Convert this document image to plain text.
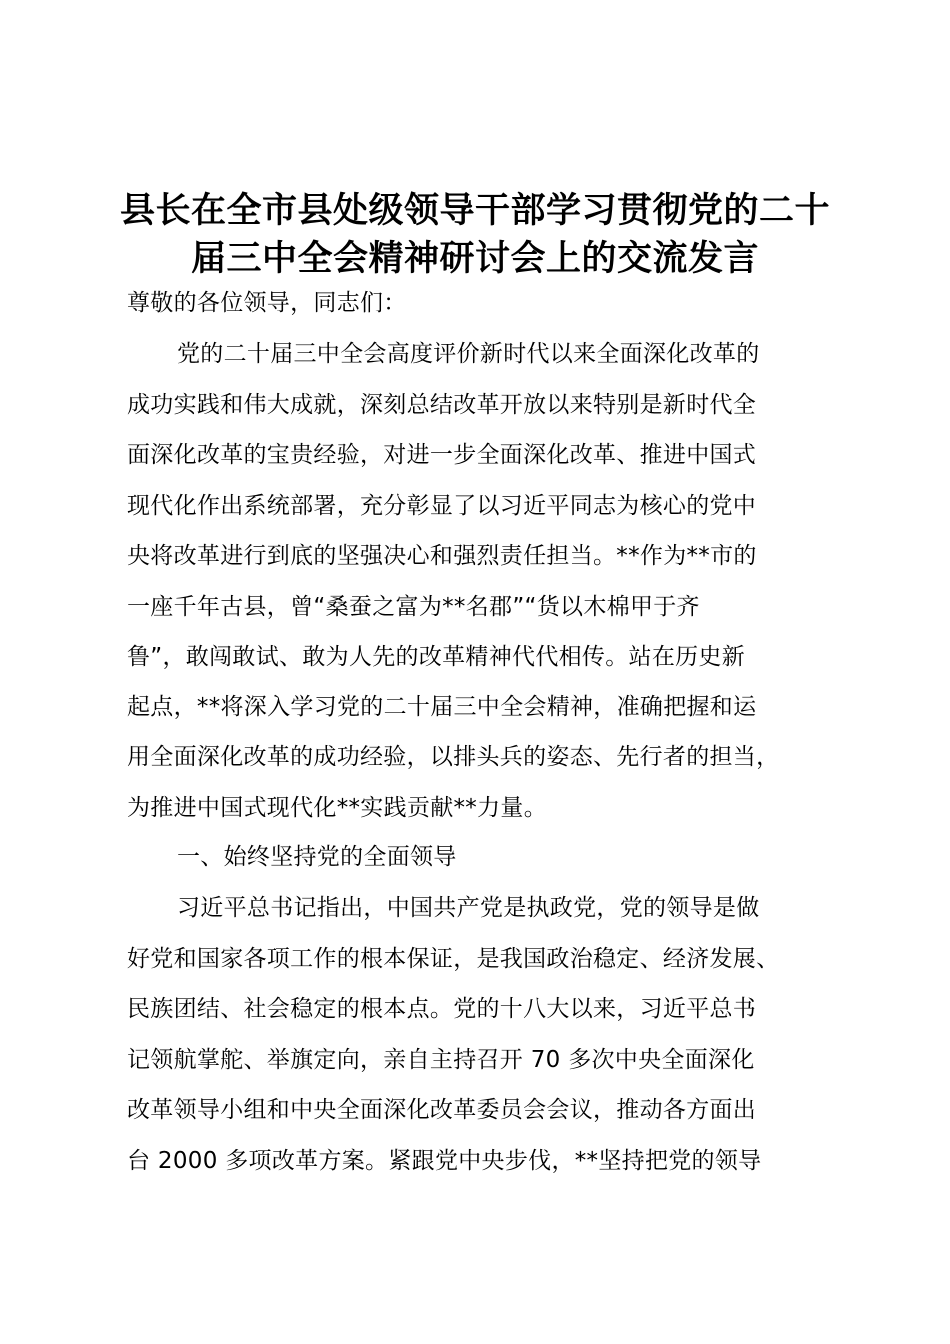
县长在全市县处级领导干部学习贯彻党的二十
届三中全会精神研讨会上的交流发言
尊敬的各位领导，同志们：
党的二十届三中全会高度评价新时代以来全面深化改革的
成功实践和伟大成就，深刻总结改革开放以来特别是新时代全
面深化改革的宝贵经验，对进一步全面深化改革、推进中国式
现代化作出系统部署，充分彰显了以习近平同志为核心的党中
央将改革进行到底的坚强决心和强烈责任担当。**作为**市的
一座千年古县，曾“桑蚕之富为**名郡”“货以木棉甲于齐
鲁”，敢闯敢试、敢为人先的改革精神代代相传。站在历史新
起点，**将深入学习党的二十届三中全会精神，准确把握和运
用全面深化改革的成功经验，以排头兵的姿态、先行者的担当，
为推进中国式现代化**实践贡献**力量。
一、始终坚持党的全面领导
习近平总书记指出，中国共产党是执政党，党的领导是做
好党和国家各项工作的根本保证，是我国政治稳定、经济发展、
民族团结、社会稳定的根本点。党的十八大以来，习近平总书
记领航掌舵、举旗定向，亲自主持召开 70 多次中央全面深化
改革领导小组和中央全面深化改革委员会会议，推动各方面出
台 2000 多项改革方案。紧跟党中央步伐，**坚持把党的领导
